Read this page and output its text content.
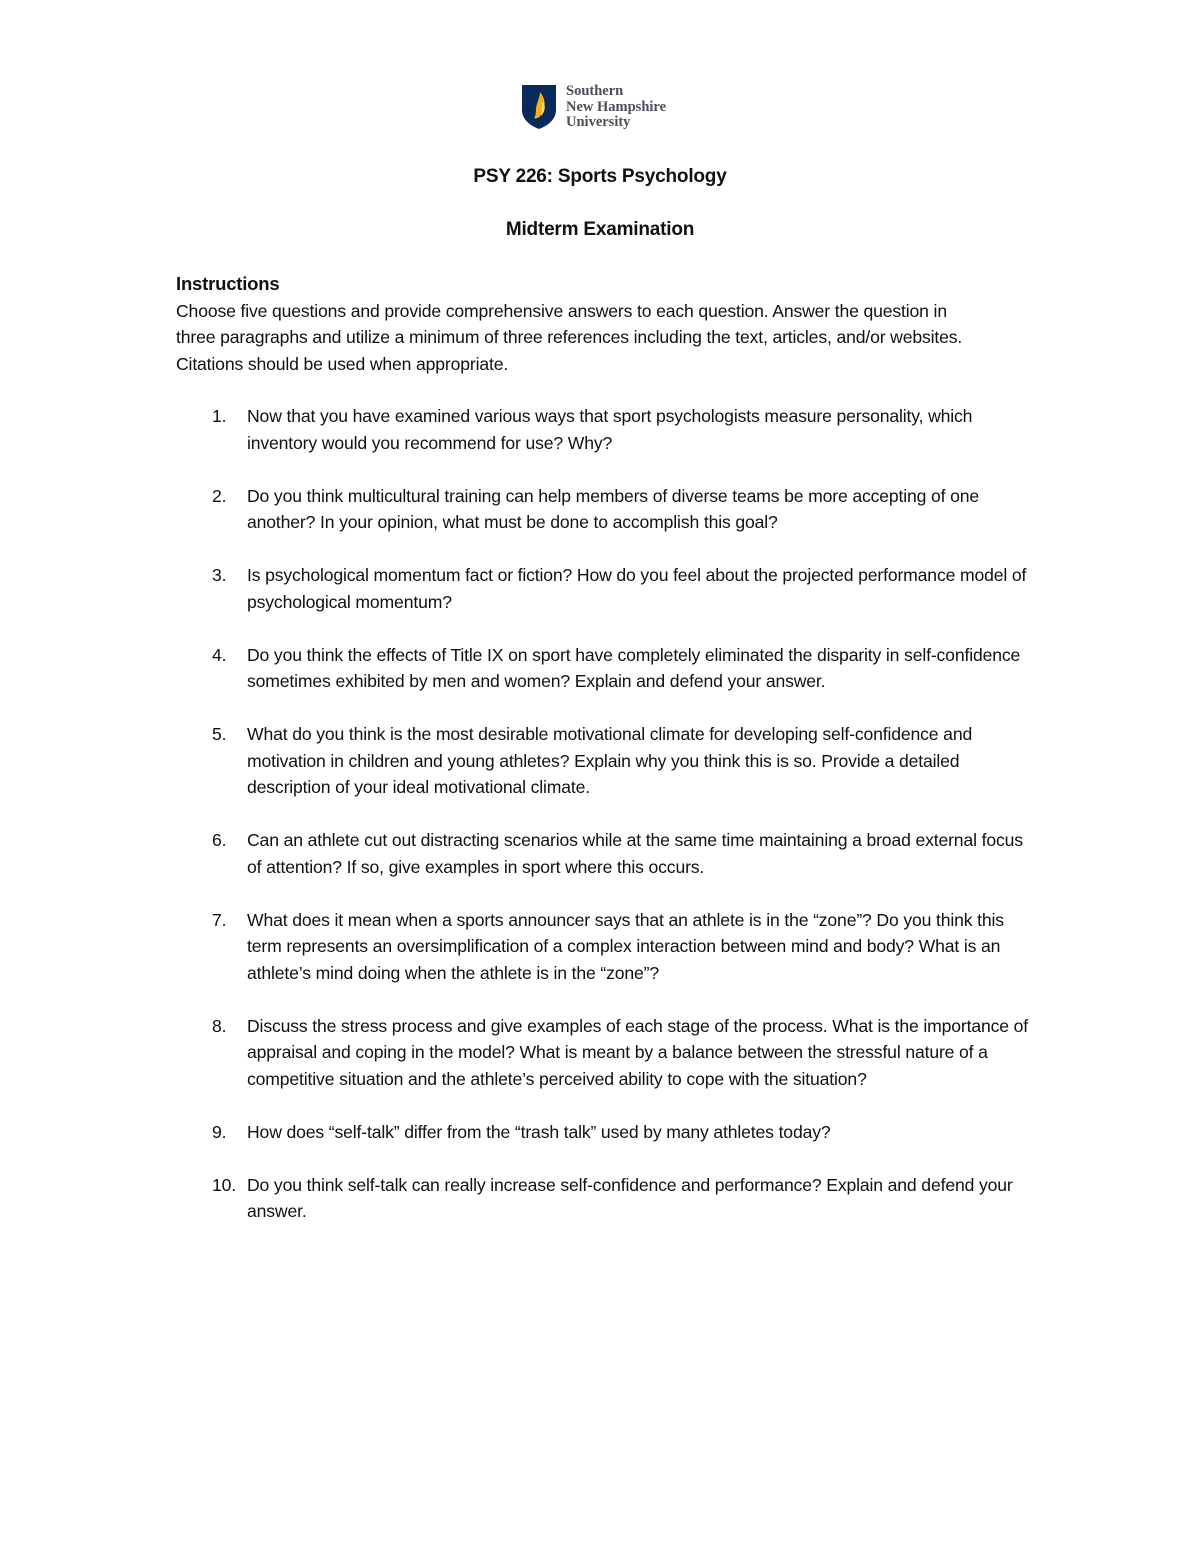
Southern
New Hampshire
University
PSY 226: Sports Psychology
Midterm Examination
Instructions

Choose five questions and provide comprehensive answers to each question. Answer the question in three paragraphs and utilize a minimum of three references including the text, articles, and/or websites. Citations should be used when appropriate.

1.	Now that you have examined various ways that sport psychologists measure personality, which inventory would you recommend for use? Why?
2.	Do you think multicultural training can help members of diverse teams be more accepting of one another? In your opinion, what must be done to accomplish this goal?
3.	Is psychological momentum fact or fiction? How do you feel about the projected performance model of psychological momentum?
4.	Do you think the effects of Title IX on sport have completely eliminated the disparity in self-confidence sometimes exhibited by men and women? Explain and defend your answer.
5.	What do you think is the most desirable motivational climate for developing self-confidence and motivation in children and young athletes? Explain why you think this is so. Provide a detailed description of your ideal motivational climate.
6.	Can an athlete cut out distracting scenarios while at the same time maintaining a broad external focus of attention? If so, give examples in sport where this occurs.
7.	What does it mean when a sports announcer says that an athlete is in the “zone”? Do you think this term represents an oversimplification of a complex interaction between mind and body? What is an athlete’s mind doing when the athlete is in the “zone”?
8.	Discuss the stress process and give examples of each stage of the process. What is the importance of appraisal and coping in the model? What is meant by a balance between the stressful nature of a competitive situation and the athlete’s perceived ability to cope with the situation?
9.	How does “self-talk” differ from the “trash talk” used by many athletes today?
10. Do you think self-talk can really increase self-confidence and performance? Explain and defend your answer.
